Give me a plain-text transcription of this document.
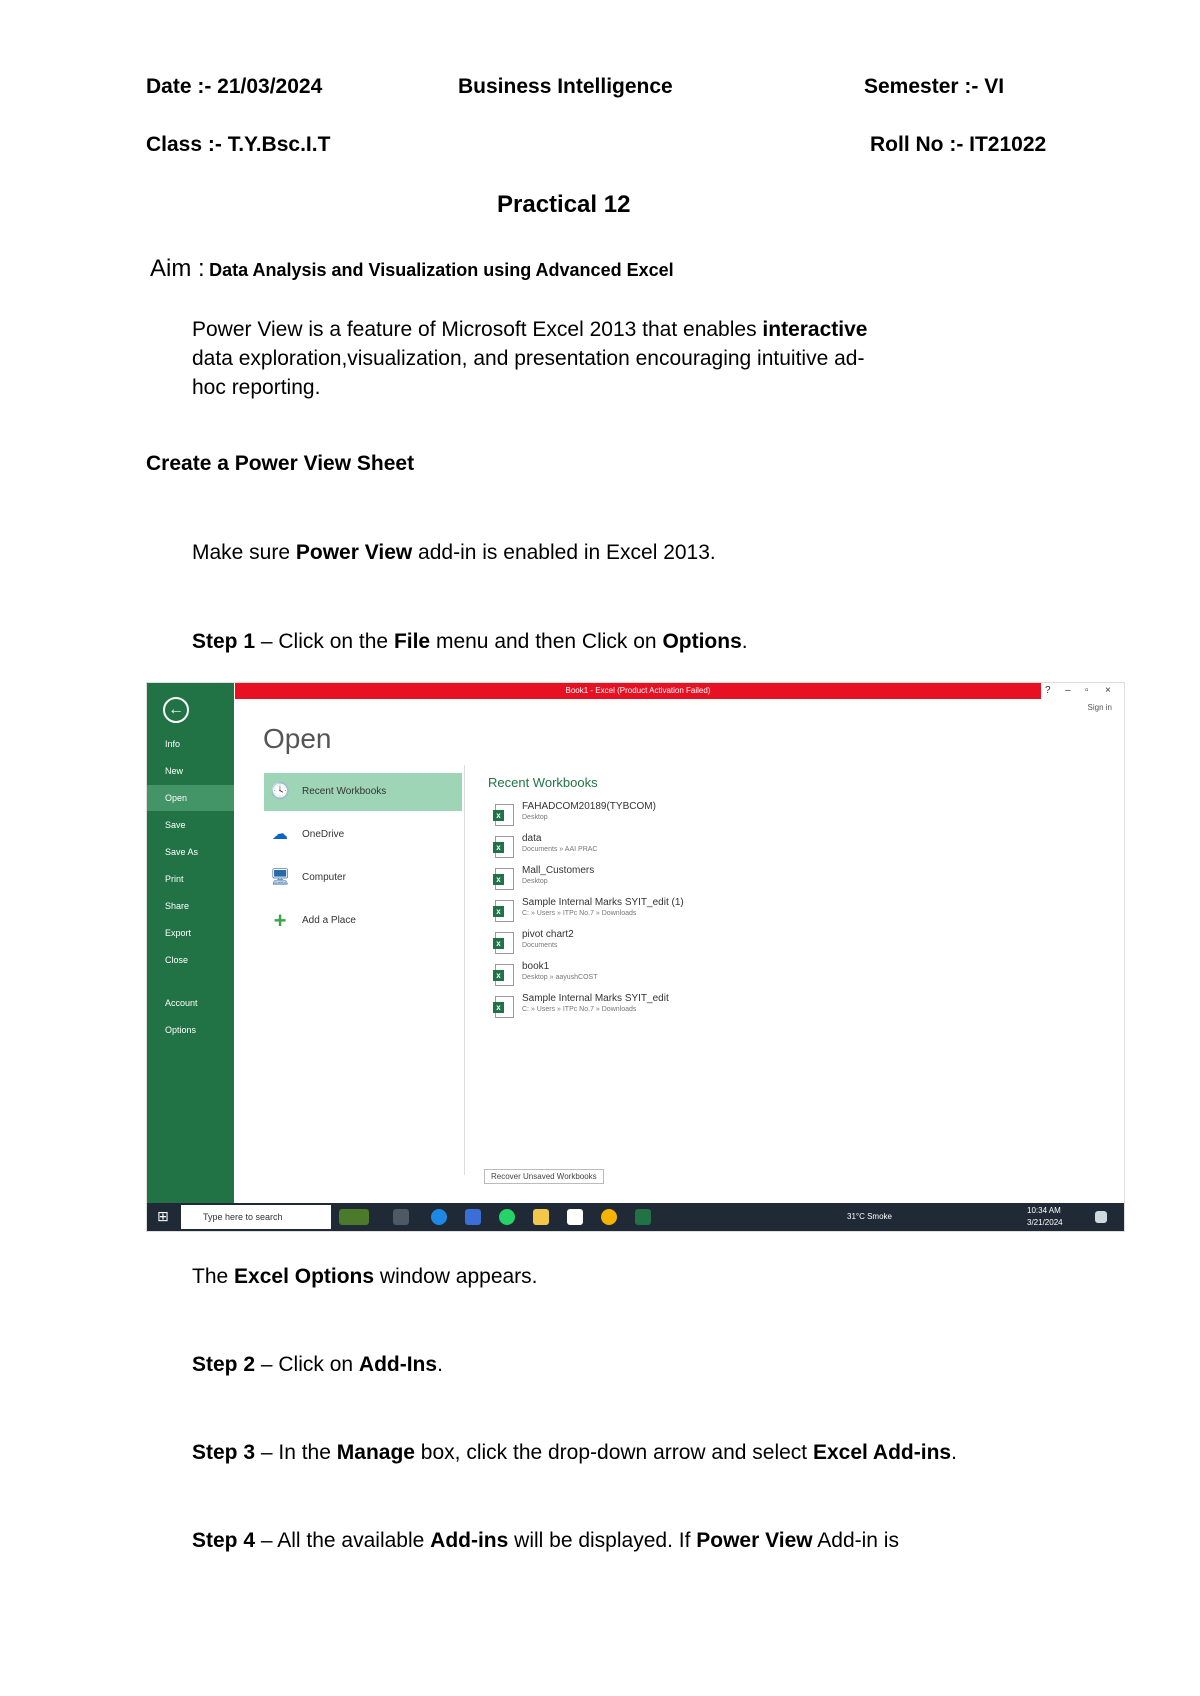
Date :- 21/03/2024	Business Intelligence	Semester :- VI
Class :- T.Y.Bsc.I.T	Roll No :- IT21022
Practical 12
Aim : Data Analysis and Visualization using Advanced Excel
Power View is a feature of Microsoft Excel 2013 that enables interactive
data exploration,visualization, and presentation encouraging intuitive ad-
hoc reporting.
Create a Power View Sheet
Make sure Power View add-in is enabled in Excel 2013.
Step 1 – Click on the File menu and then Click on Options.
←
Info
New
Open
Save
Save As
Print
Share
Export
Close
Account
Options
Book1 - Excel (Product Activation Failed)	? – ▫ ×
Sign in
Open
🕓 Recent Workbooks
☁ OneDrive
🖥 Computer
+	Add a Place
Recent Workbooks
x
FAHADCOM20189(TYBCOM)
Desktop
x
data
Documents » AAI PRAC
x
Mall_Customers
Desktop
x
Sample Internal Marks SYIT_edit (1)
C: » Users » ITPc No.7 » Downloads
x
pivot chart2
Documents
x
book1
Desktop » aayushCOST
x
Sample Internal Marks SYIT_edit
C: » Users » ITPc No.7 » Downloads
Recover Unsaved Workbooks
⊞	Type here to search	31°C Smoke
10:34 AM
3/21/2024
The Excel Options window appears.
Step 2 – Click on Add-Ins.
Step 3 – In the Manage box, click the drop-down arrow and select Excel Add-ins.
Step 4 – All the available Add-ins will be displayed. If Power View Add-in is
